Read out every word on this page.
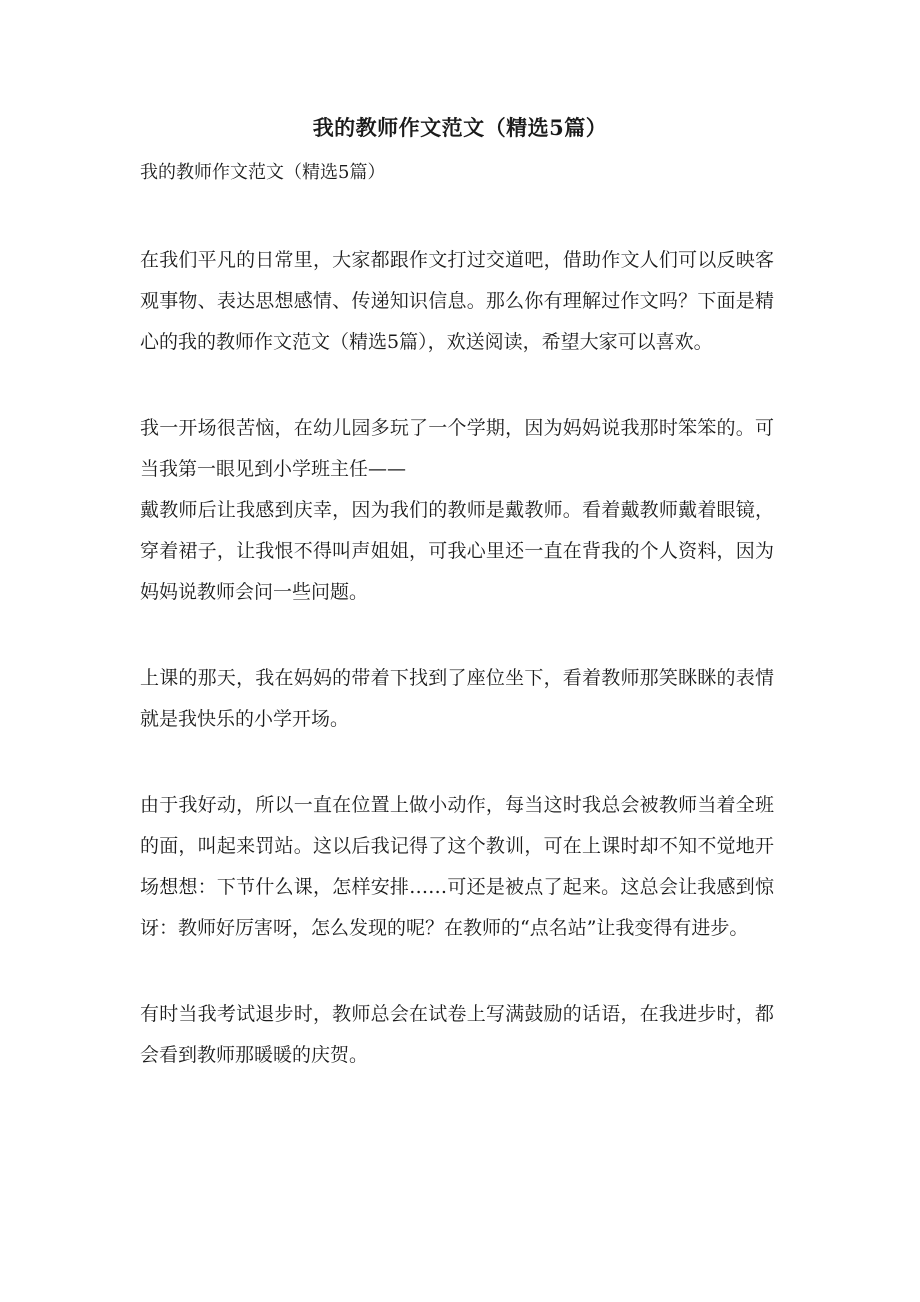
我的教师作文范文（精选5篇）

我的教师作文范文（精选5篇）

在我们平凡的日常里，大家都跟作文打过交道吧，借助作文人们可以反映客观事物、表达思想感情、传递知识信息。那么你有理解过作文吗？下面是精心的我的教师作文范文（精选5篇），欢送阅读，希望大家可以喜欢。

我一开场很苦恼，在幼儿园多玩了一个学期，因为妈妈说我那时笨笨的。可当我第一眼见到小学班主任——

戴教师后让我感到庆幸，因为我们的教师是戴教师。看着戴教师戴着眼镜，穿着裙子，让我恨不得叫声姐姐，可我心里还一直在背我的个人资料，因为妈妈说教师会问一些问题。

上课的那天，我在妈妈的带着下找到了座位坐下，看着教师那笑眯眯的表情就是我快乐的小学开场。

由于我好动，所以一直在位置上做小动作，每当这时我总会被教师当着全班的面，叫起来罚站。这以后我记得了这个教训，可在上课时却不知不觉地开场想想：下节什么课，怎样安排……可还是被点了起来。这总会让我感到惊讶：教师好厉害呀，怎么发现的呢？在教师的“点名站”让我变得有进步。

有时当我考试退步时，教师总会在试卷上写满鼓励的话语，在我进步时，都会看到教师那暖暖的庆贺。
